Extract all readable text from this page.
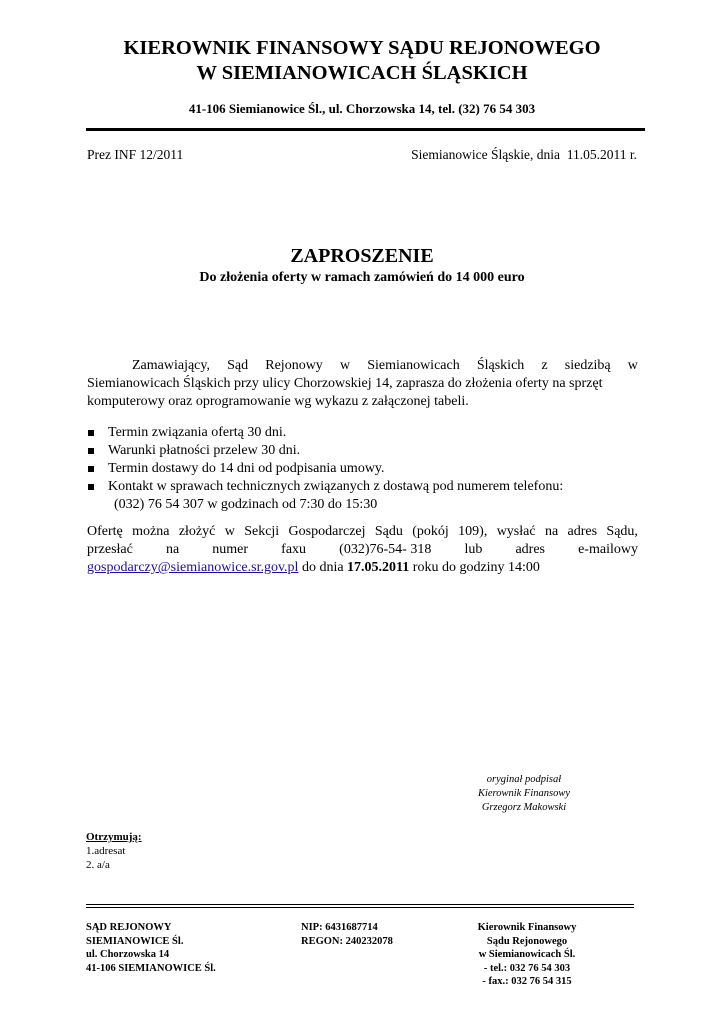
KIEROWNIK FINANSOWY SĄDU REJONOWEGO
W SIEMIANOWICACH ŚLĄSKICH
41-106 Siemianowice Śl., ul. Chorzowska 14, tel. (32) 76 54 303
Prez INF 12/2011	Siemianowice Śląskie, dnia  11.05.2011 r.
ZAPROSZENIE
Do złożenia oferty w ramach zamówień do 14 000 euro

Zamawiający, Sąd Rejonowy w Siemianowicach Śląskich z siedzibą w

Siemianowicach Śląskich przy ulicy Chorzowskiej 14, zaprasza do złożenia oferty na sprzęt

komputerowy oraz oprogramowanie wg wykazu z załączonej tabeli.

Termin związania ofertą 30 dni.
Warunki płatności przelew 30 dni.
Termin dostawy do 14 dni od podpisania umowy.
Kontakt w sprawach technicznych związanych z dostawą pod numerem telefonu:
(032) 76 54 307 w godzinach od 7:30 do 15:30

Ofertę można złożyć w Sekcji Gospodarczej Sądu (pokój 109), wysłać na adres Sądu,

przesłać na numer faxu (032)76-54- 318 lub adres e-mailowy

gospodarczy@siemianowice.sr.gov.pl do dnia 17.05.2011 roku do godziny 14:00

oryginał podpisał
Kierownik Finansowy
Grzegorz Makowski
Otrzymują:
1.adresat
2. a/a
SĄD REJONOWY
SIEMIANOWICE Śl.
ul. Chorzowska 14
41-106 SIEMIANOWICE Śl.
NIP: 6431687714
REGON: 240232078
Kierownik Finansowy
Sądu Rejonowego
w Siemianowicach Śl.
- tel.: 032 76 54 303
- fax.: 032 76 54 315
